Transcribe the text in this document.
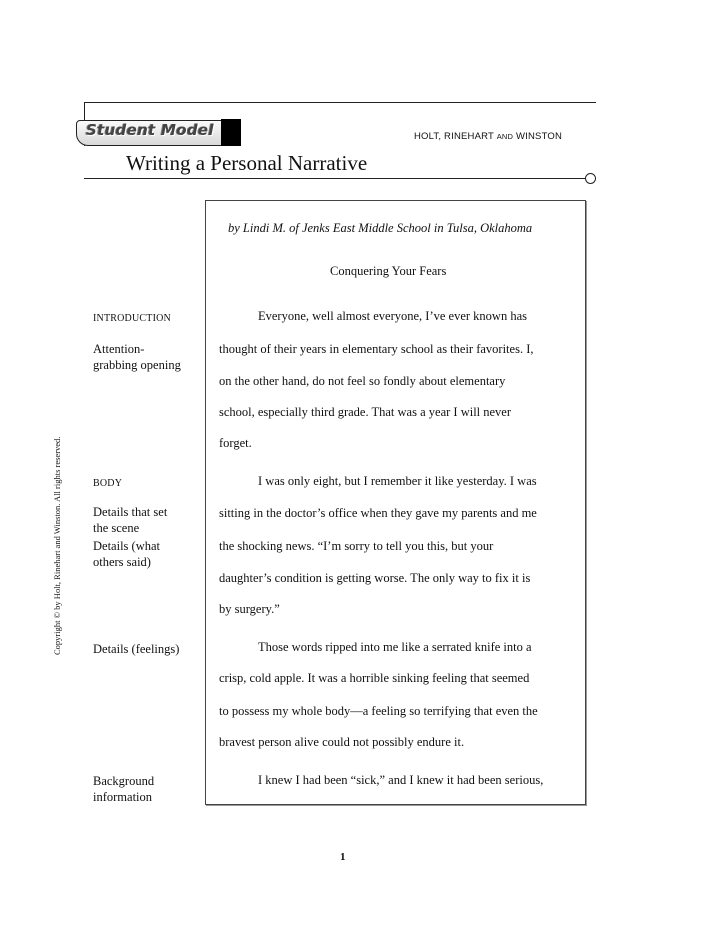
Student Model	HOLT, RINEHART AND WINSTON
Writing a Personal Narrative
Copyright © by Holt, Rinehart and Winston. All rights reserved.
by Lindi M. of Jenks East Middle School in Tulsa, Oklahoma
Conquering Your Fears
Everyone, well almost everyone, I’ve ever known has
thought of their years in elementary school as their favorites. I,
on the other hand, do not feel so fondly about elementary
school, especially third grade. That was a year I will never
forget.
I was only eight, but I remember it like yesterday. I was
sitting in the doctor’s office when they gave my parents and me
the shocking news. “I’m sorry to tell you this, but your
daughter’s condition is getting worse. The only way to fix it is
by surgery.”
Those words ripped into me like a serrated knife into a
crisp, cold apple. It was a horrible sinking feeling that seemed
to possess my whole body—a feeling so terrifying that even the
bravest person alive could not possibly endure it.
I knew I had been “sick,” and I knew it had been serious,
INTRODUCTION
Attention-
grabbing opening
BODY
Details that set
the scene
Details (what
others said)
Details (feelings)
Background
information
1
